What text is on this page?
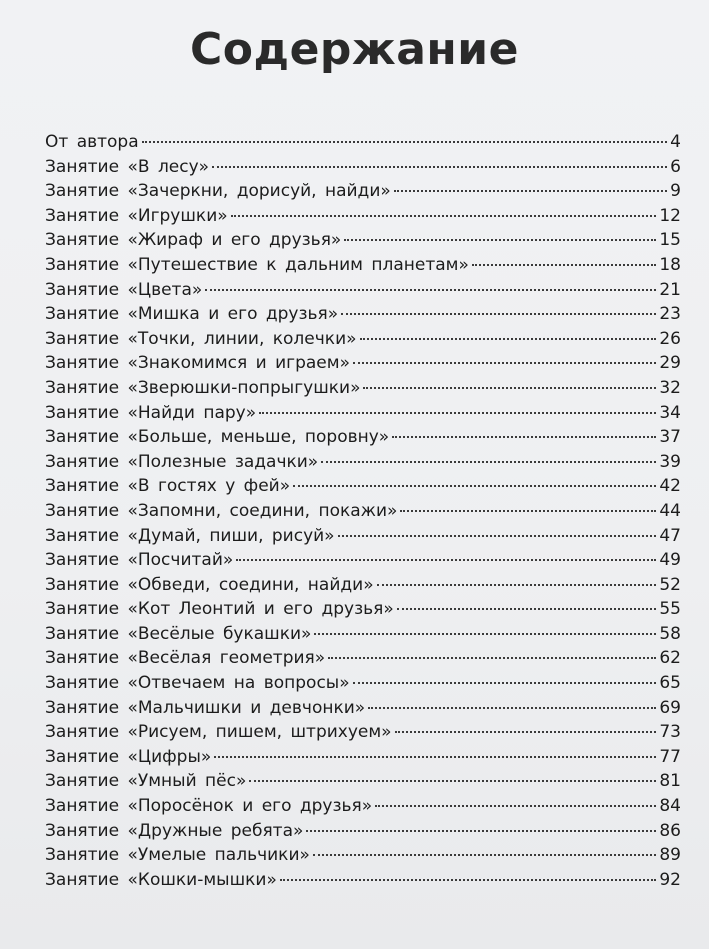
Содержание
От автора	4
Занятие «В лесу»	6
Занятие «Зачеркни, дорисуй, найди»	9
Занятие «Игрушки»	12
Занятие «Жираф и его друзья»	15
Занятие «Путешествие к дальним планетам»	18
Занятие «Цвета»	21
Занятие «Мишка и его друзья»	23
Занятие «Точки, линии, колечки»	26
Занятие «Знакомимся и играем»	29
Занятие «Зверюшки-попрыгушки»	32
Занятие «Найди пару»	34
Занятие «Больше, меньше, поровну»	37
Занятие «Полезные задачки»	39
Занятие «В гостях у фей»	42
Занятие «Запомни, соедини, покажи»	44
Занятие «Думай, пиши, рисуй»	47
Занятие «Посчитай»	49
Занятие «Обведи, соедини, найди»	52
Занятие «Кот Леонтий и его друзья»	55
Занятие «Весёлые букашки»	58
Занятие «Весёлая геометрия»	62
Занятие «Отвечаем на вопросы»	65
Занятие «Мальчишки и девчонки»	69
Занятие «Рисуем, пишем, штрихуем»	73
Занятие «Цифры»	77
Занятие «Умный пёс»	81
Занятие «Поросёнок и его друзья»	84
Занятие «Дружные ребята»	86
Занятие «Умелые пальчики»	89
Занятие «Кошки-мышки»	92
